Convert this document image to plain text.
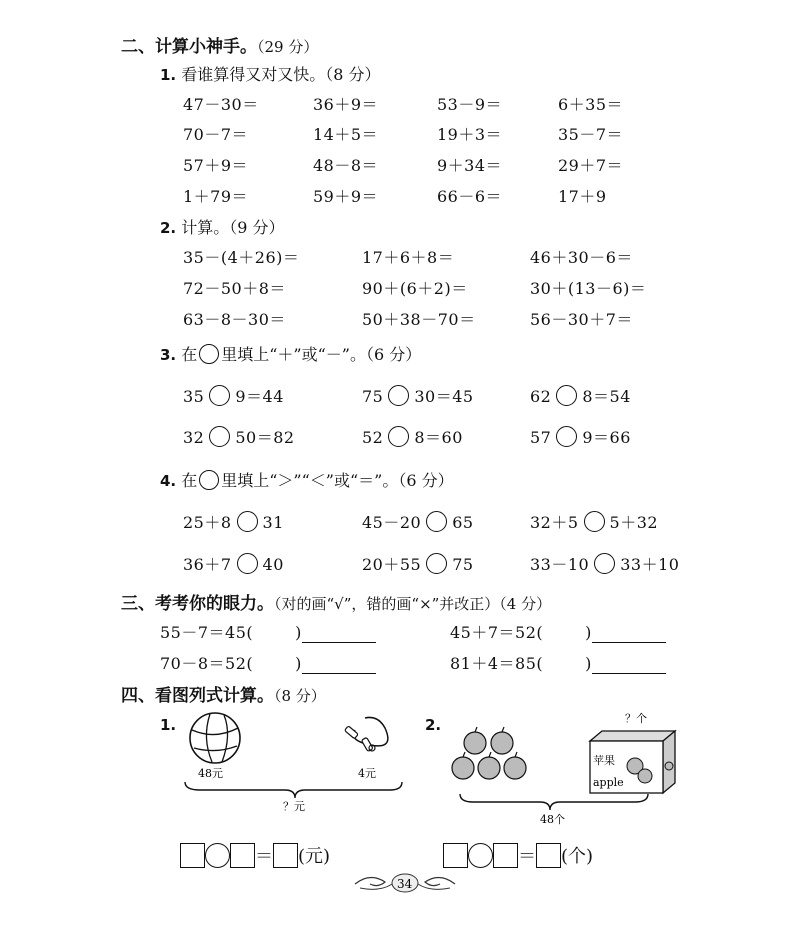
二、计算小神手。（29 分）
1. 看谁算得又对又快。（8 分）
47－30＝	36＋9＝	53－9＝	6＋35＝
70－7＝	14＋5＝	19＋3＝	35－7＝
57＋9＝	48－8＝	9＋34＝	29＋7＝
1＋79＝	59＋9＝	66－6＝	17＋9
2. 计算。（9 分）
35－(4＋26)＝	17＋6＋8＝	46＋30－6＝
72－50＋8＝	90＋(6＋2)＝	30＋(13－6)＝
63－8－30＝	50＋38－70＝	56－30＋7＝
3. 在 里填上“＋”或“－”。（6 分）
35 9＝44	75 30＝45	62 8＝54
32 50＝82	52 8＝60	57 9＝66
4. 在 里填上“＞”“＜”或“＝”。（6 分）
25＋8 31	45－20 65	32＋5 5＋32
36＋7 40	20＋55 75	33－10 33＋10
三、考考你的眼力。（对的画“√”，错的画“×”并改正）（4 分）
55－7＝45(	)	45＋7＝52(	)
70－8＝52(	)	81＋4＝85(	)
四、看图列式计算。（8 分）
1.
48元	4元
？元
2.	？个
苹果
apple
48个
＝ (元)	＝ (个)
34
